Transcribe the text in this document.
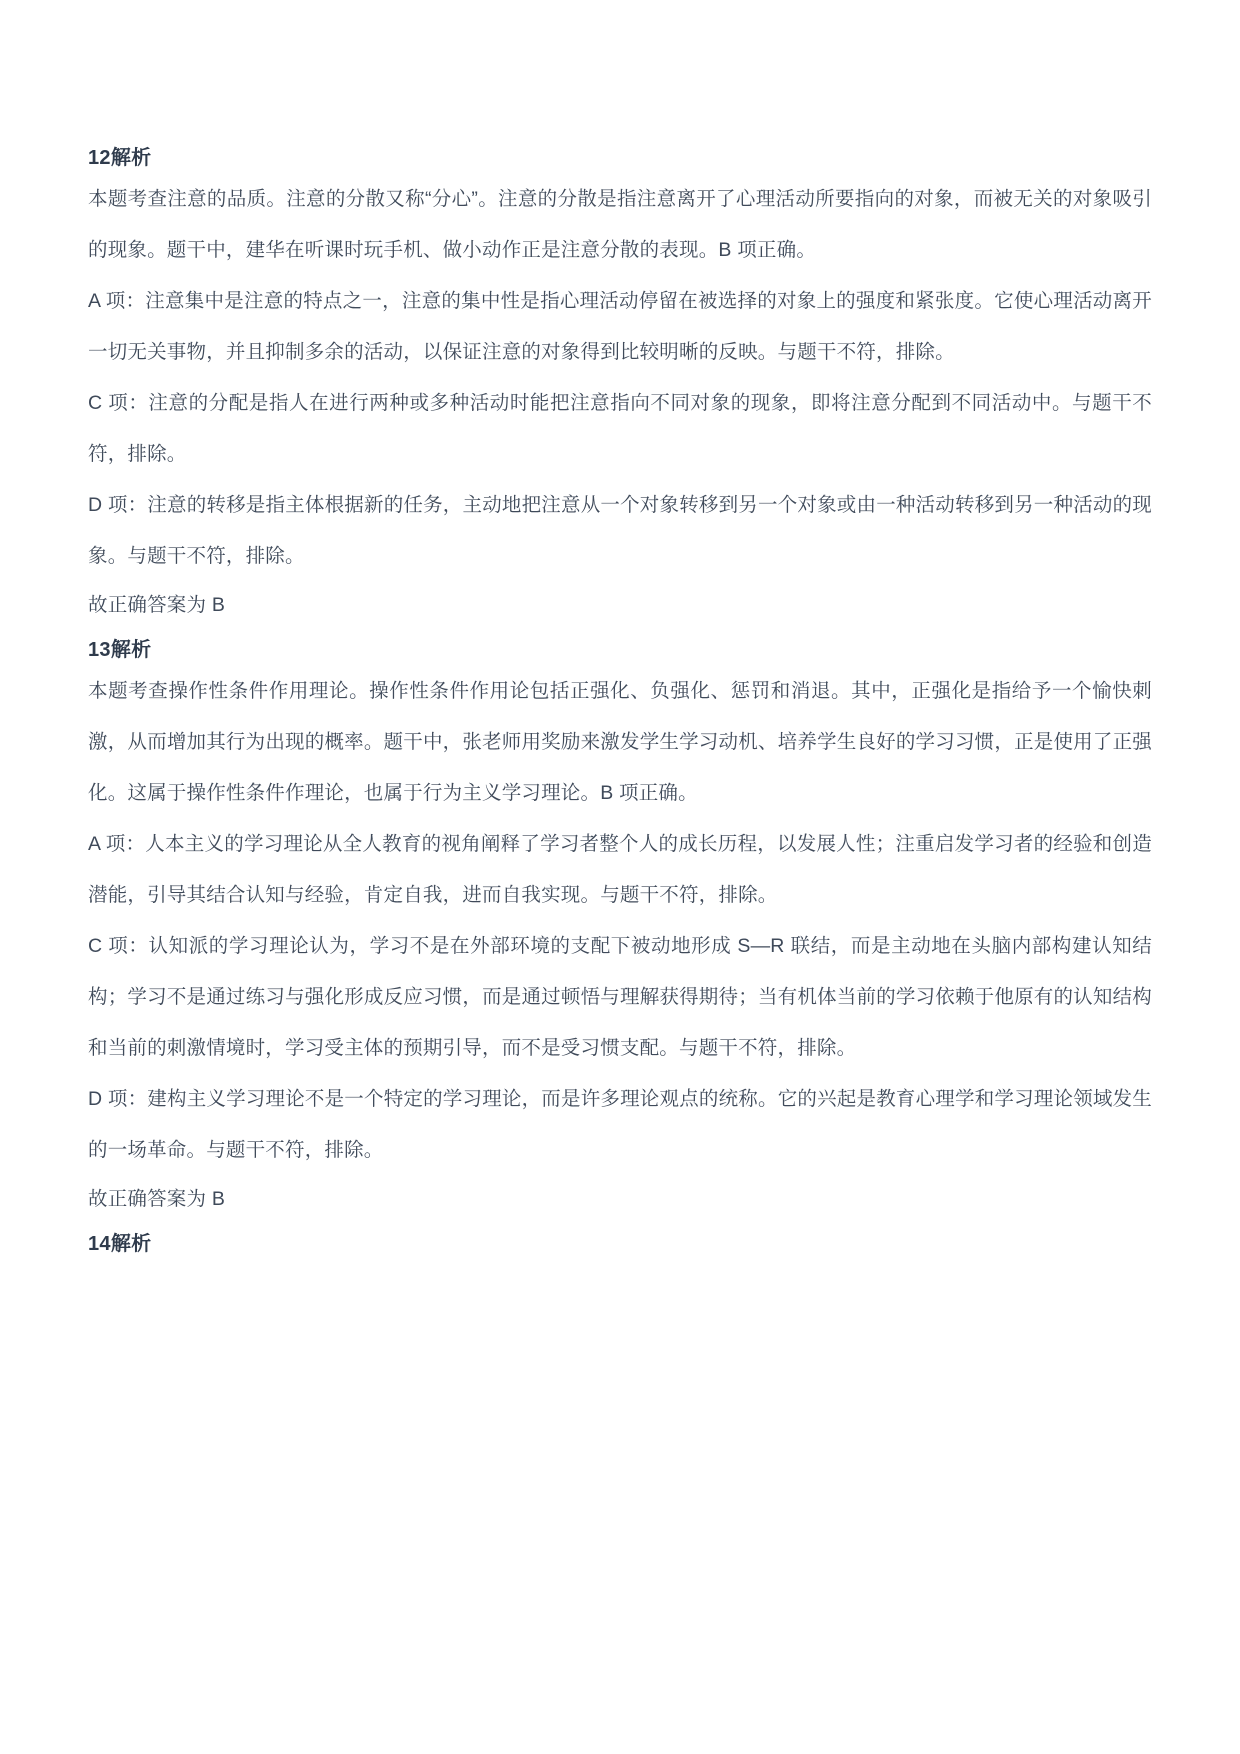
12解析

本题考查注意的品质。注意的分散又称“分心”。注意的分散是指注意离开了心理活动所要指向的对象，而被无关的对象吸引的现象。题干中，建华在听课时玩手机、做小动作正是注意分散的表现。B 项正确。

A 项：注意集中是注意的特点之一，注意的集中性是指心理活动停留在被选择的对象上的强度和紧张度。它使心理活动离开一切无关事物，并且抑制多余的活动，以保证注意的对象得到比较明晰的反映。与题干不符，排除。

C 项：注意的分配是指人在进行两种或多种活动时能把注意指向不同对象的现象，即将注意分配到不同活动中。与题干不符，排除。

D 项：注意的转移是指主体根据新的任务，主动地把注意从一个对象转移到另一个对象或由一种活动转移到另一种活动的现象。与题干不符，排除。

故正确答案为 B

13解析

本题考查操作性条件作用理论。操作性条件作用论包括正强化、负强化、惩罚和消退。其中，正强化是指给予一个愉快刺激，从而增加其行为出现的概率。题干中，张老师用奖励来激发学生学习动机、培养学生良好的学习习惯，正是使用了正强化。这属于操作性条件作理论，也属于行为主义学习理论。B 项正确。

A 项：人本主义的学习理论从全人教育的视角阐释了学习者整个人的成长历程，以发展人性；注重启发学习者的经验和创造潜能，引导其结合认知与经验，肯定自我，进而自我实现。与题干不符，排除。

C 项：认知派的学习理论认为，学习不是在外部环境的支配下被动地形成 S—R 联结，而是主动地在头脑内部构建认知结构；学习不是通过练习与强化形成反应习惯，而是通过顿悟与理解获得期待；当有机体当前的学习依赖于他原有的认知结构和当前的刺激情境时，学习受主体的预期引导，而不是受习惯支配。与题干不符，排除。

D 项：建构主义学习理论不是一个特定的学习理论，而是许多理论观点的统称。它的兴起是教育心理学和学习理论领域发生的一场革命。与题干不符，排除。

故正确答案为 B

14解析
